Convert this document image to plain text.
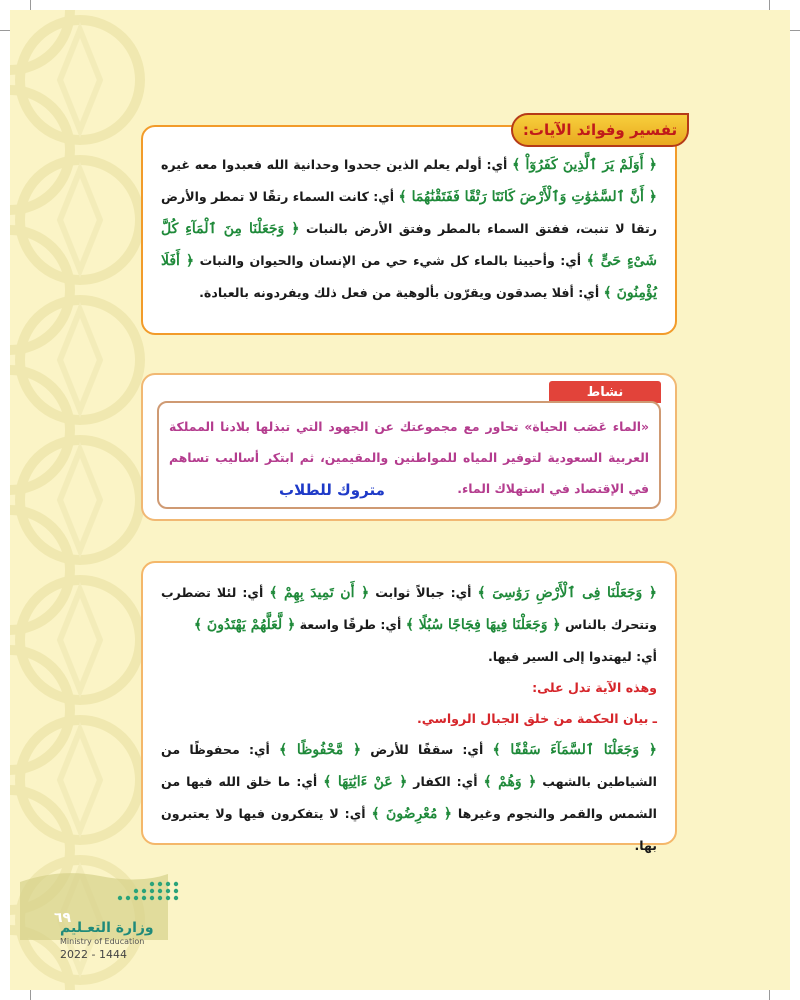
تفسير وفوائد الآيات:
﴿ أَوَلَمْ يَرَ ٱلَّذِينَ كَفَرُوٓاْ ﴾ أي: أولم يعلم الذين جحدوا وحدانية الله فعبدوا معه غيره ﴿ أَنَّ ٱلسَّمَٰوَٰتِ وَٱلْأَرْضَ كَانَتَا رَتْقًا فَفَتَقْنَٰهُمَا ﴾ أي: كانت السماء رتقًا لا تمطر والأرض رتقا لا تنبت، ففتق السماء بالمطر وفتق الأرض بالنبات ﴿ وَجَعَلْنَا مِنَ ٱلْمَآءِ كُلَّ شَىْءٍ حَىٍّ ﴾ أي: وأحيينا بالماء كل شيء حي من الإنسان والحيوان والنبات ﴿ أَفَلَا يُؤْمِنُونَ ﴾ أي: أفلا يصدقون ويقرّون بألوهية من فعل ذلك ويفردونه بالعبادة.
نشاط

«الماء عَصَب الحياة» تحاور مع مجموعتك عن الجهود التي تبذلها بلادنا المملكة العربية السعودية لتوفير المياه للمواطنين والمقيمين، ثم ابتكر أساليب تساهم في الإقتصاد في استهلاك الماء.

متروك للطلاب
﴿ وَجَعَلْنَا فِى ٱلْأَرْضِ رَوَٰسِىَ ﴾ أي: جبالاً ثوابت ﴿ أَن تَمِيدَ بِهِمْ ﴾ أي: لئلا تضطرب وتتحرك بالناس ﴿ وَجَعَلْنَا فِيهَا فِجَاجًا سُبُلًا ﴾ أي: طرقًا واسعة ﴿ لَّعَلَّهُمْ يَهْتَدُونَ ﴾
أي: ليهتدوا إلى السير فيها.
وهذه الآية تدل على:
ـ بيان الحكمة من خلق الجبال الرواسي.
﴿ وَجَعَلْنَا ٱلسَّمَآءَ سَقْفًا ﴾ أي: سقفًا للأرض ﴿ مَّحْفُوظًا ﴾ أي: محفوظًا من الشياطين بالشهب ﴿ وَهُمْ ﴾ أي: الكفار ﴿ عَنْ ءَايَٰتِهَا ﴾ أي: ما خلق الله فيها من الشمس والقمر والنجوم وغيرها ﴿ مُعْرِضُونَ ﴾ أي: لا يتفكرون فيها ولا يعتبرون بها.
٦٩
وزارة التعـليم
Ministry of Education
2022 - 1444
